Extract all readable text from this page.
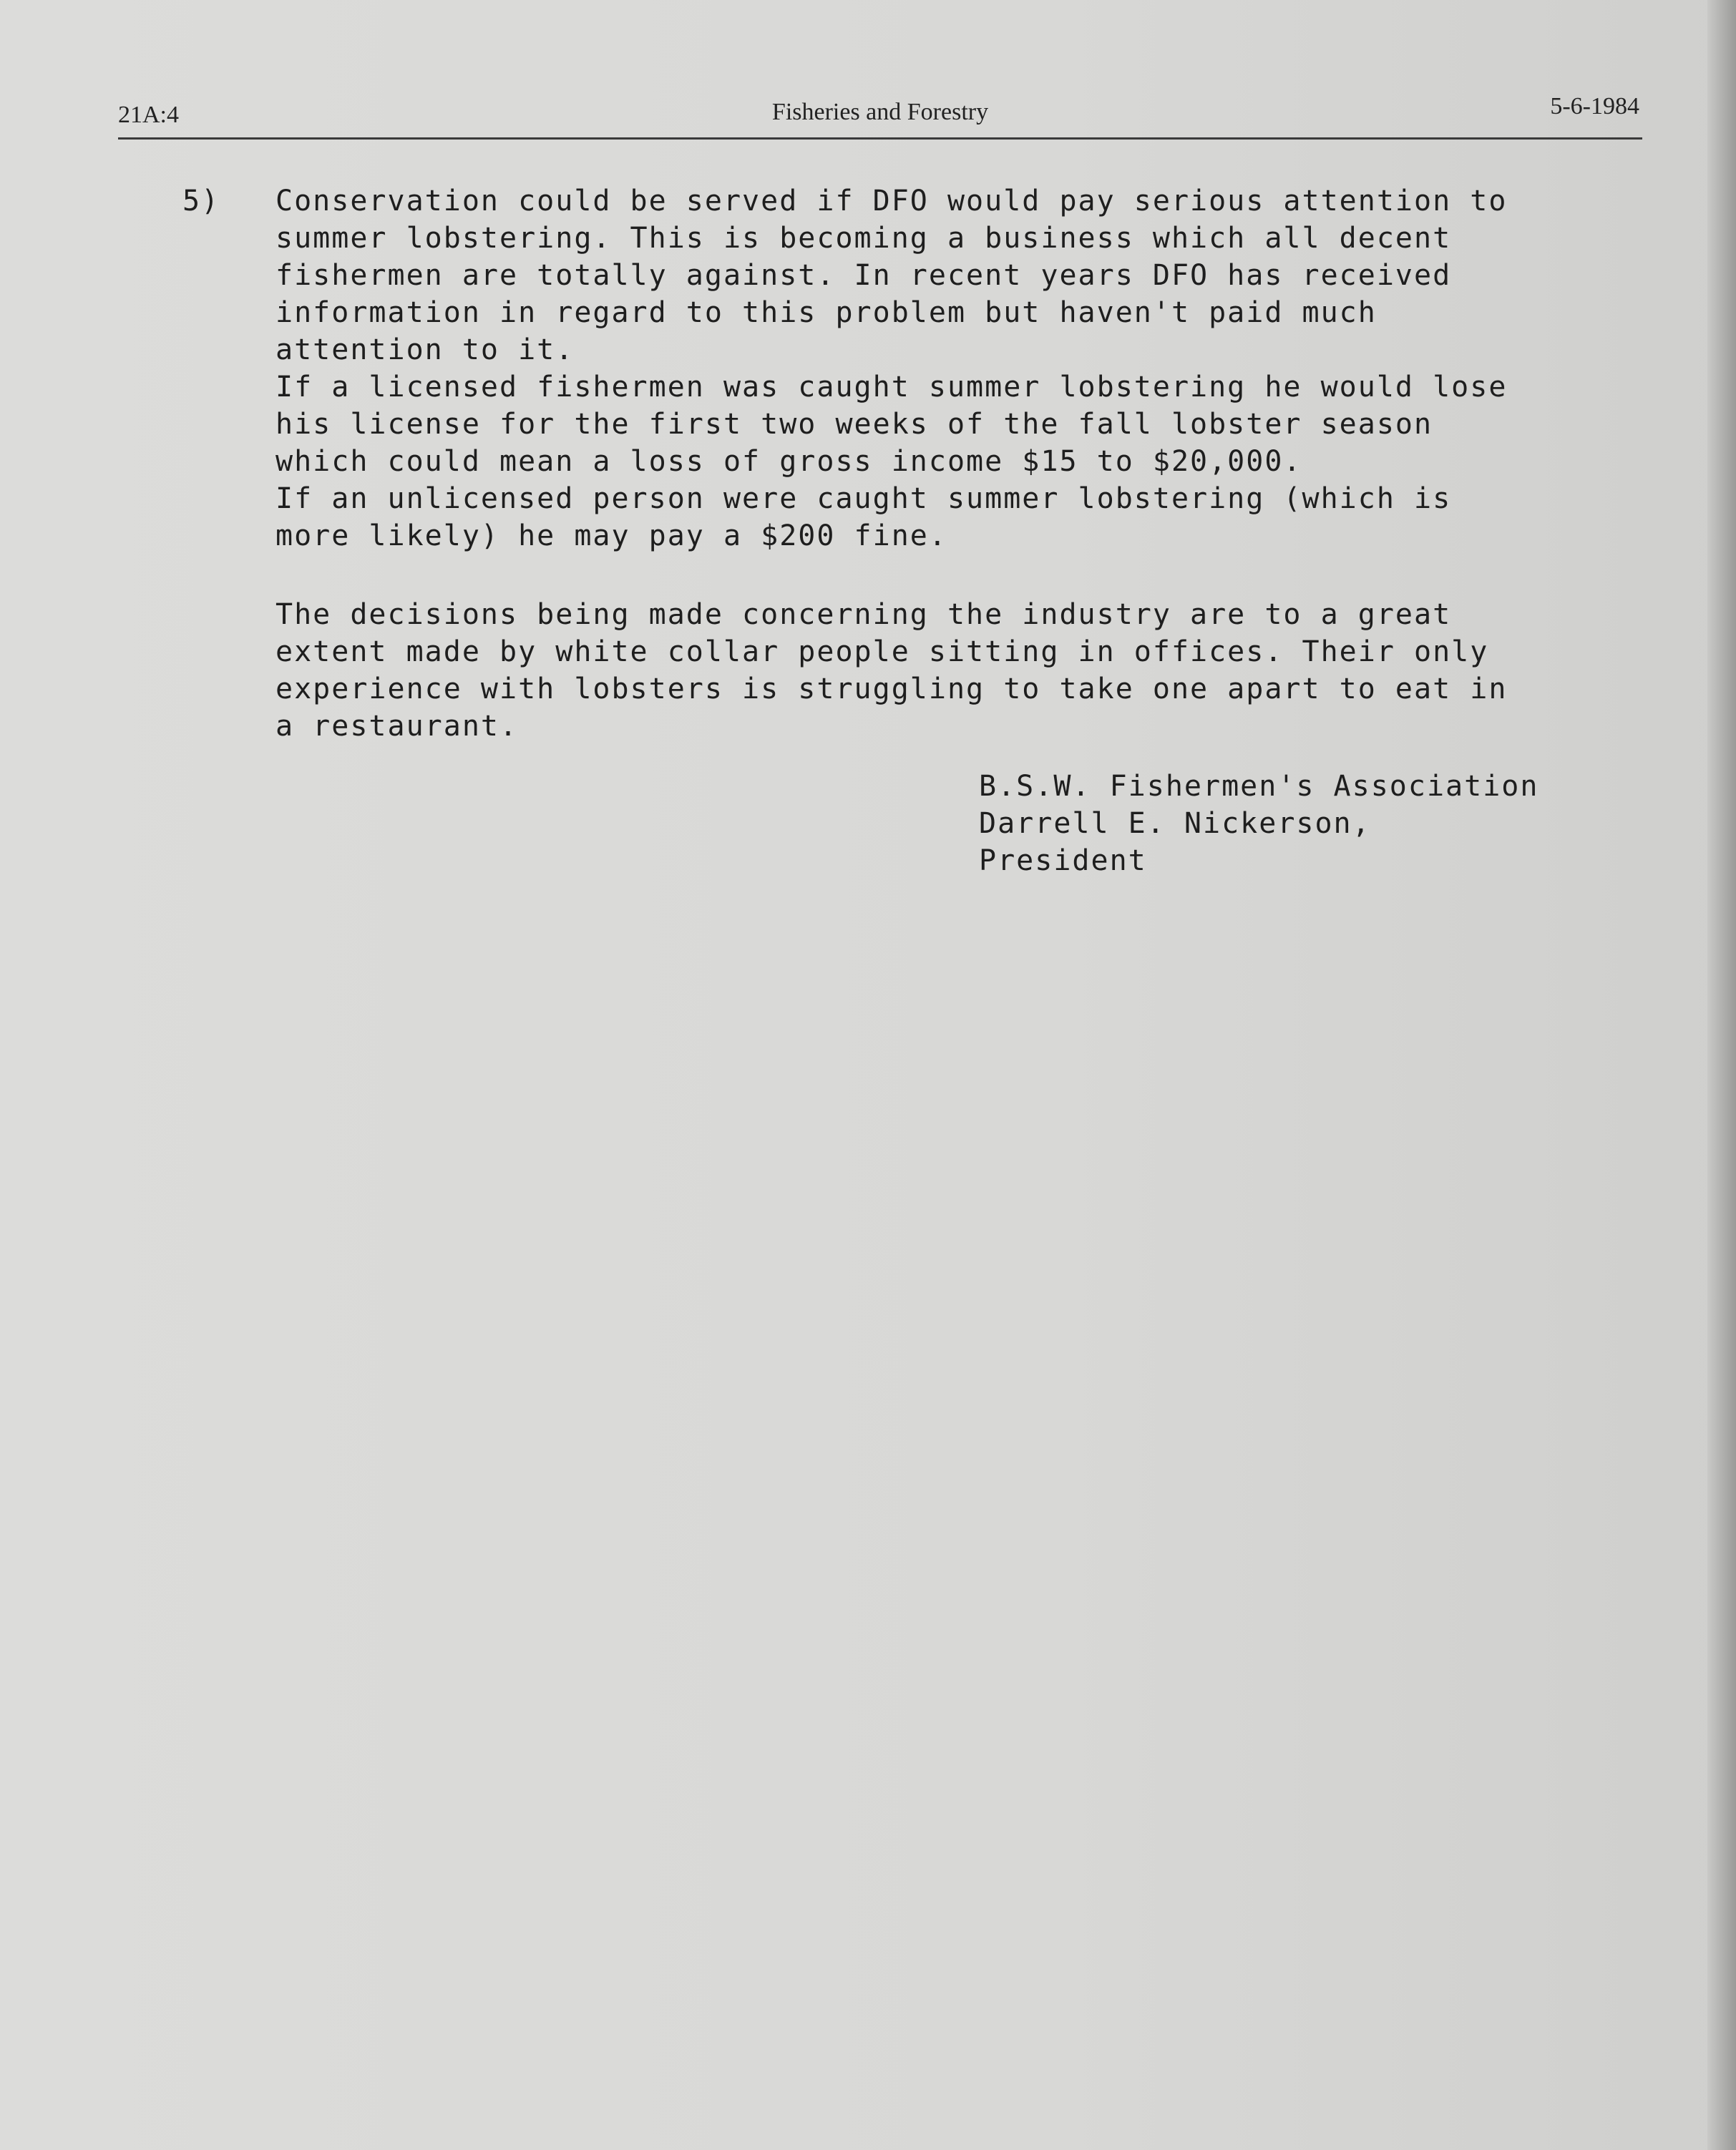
21A:4	Fisheries and Forestry	5-6-1984
5) Conservation could be served if DFO would pay serious attention to

summer lobstering. This is becoming a business which all decent

fishermen are totally against. In recent years DFO has received

information in regard to this problem but haven't paid much

attention to it.

If a licensed fishermen was caught summer lobstering he would lose

his license for the first two weeks of the fall lobster season

which could mean a loss of gross income $15 to $20,000.

If an unlicensed person were caught summer lobstering (which is

more likely) he may pay a $200 fine.

The decisions being made concerning the industry are to a great

extent made by white collar people sitting in offices. Their only

experience with lobsters is struggling to take one apart to eat in

a restaurant.

B.S.W. Fishermen's Association
Darrell E. Nickerson,
President
